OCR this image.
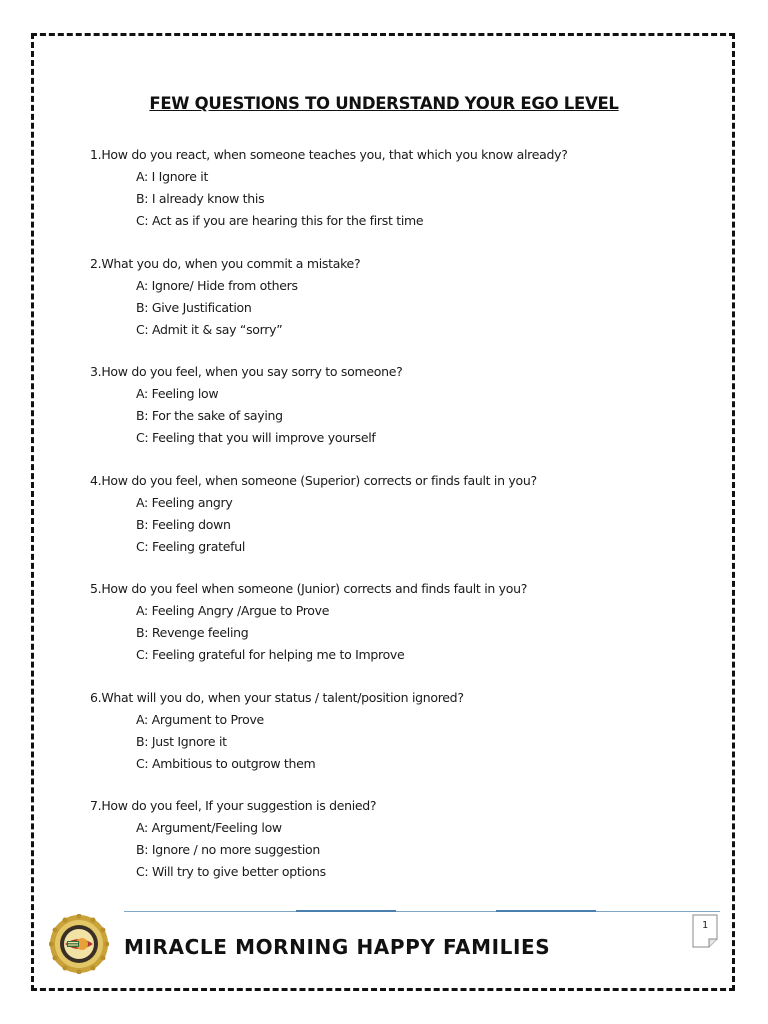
FEW QUESTIONS TO UNDERSTAND YOUR EGO LEVEL
1.How do you react, when someone teaches you, that which you know already?
A: I Ignore it
B: I already know this
C: Act as if you are hearing this for the first time
2.What you do, when you commit a mistake?
A: Ignore/ Hide from others
B: Give Justification
C: Admit it & say “sorry”
3.How do you feel, when you say sorry to someone?
A: Feeling low
B: For the sake of saying
C: Feeling that you will improve yourself
4.How do you feel, when someone (Superior) corrects or finds fault in you?
A: Feeling angry
B: Feeling down
C: Feeling grateful
5.How do you feel when someone (Junior) corrects and finds fault in you?
A: Feeling Angry /Argue to Prove
B: Revenge feeling
C: Feeling grateful for helping me to Improve
6.What will you do, when your status / talent/position ignored?
A: Argument to Prove
B: Just Ignore it
C: Ambitious to outgrow them
7.How do you feel, If your suggestion is denied?
A: Argument/Feeling low
B: Ignore / no more suggestion
C: Will try to give better options
MIRACLE MORNING HAPPY FAMILIES
1
